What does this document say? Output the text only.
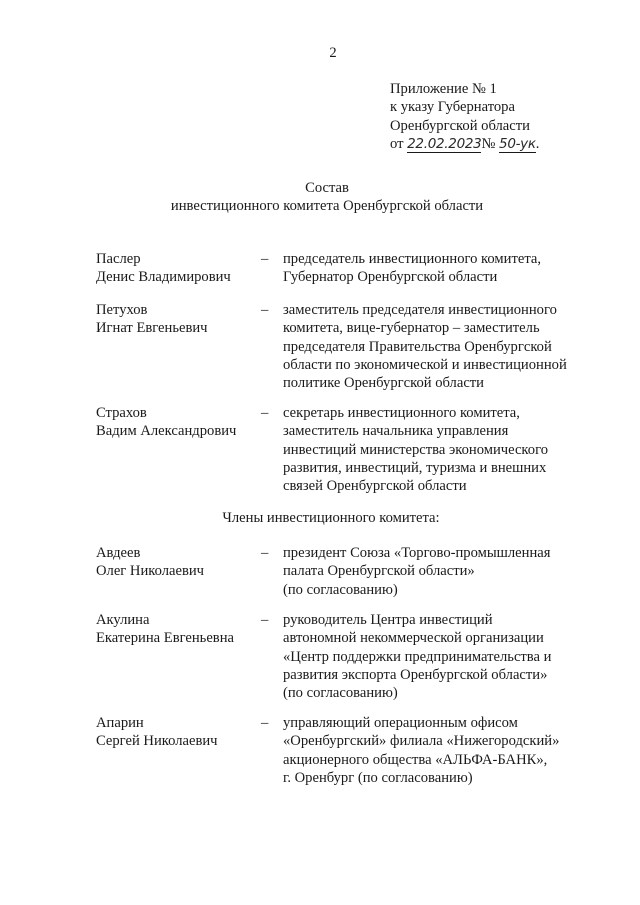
2
Приложение № 1
к указу Губернатора
Оренбургской области
от 22.02.2023№ 50-ук.
Состав
инвестиционного комитета Оренбургской области
Паслер
Денис Владимирович
– председатель инвестиционного комитета,
Губернатор Оренбургской области
Петухов
Игнат Евгеньевич
– заместитель председателя инвестиционного
комитета, вице-губернатор – заместитель
председателя Правительства Оренбургской
области по экономической и инвестиционной
политике Оренбургской области
Страхов
Вадим Александрович
– секретарь инвестиционного комитета,
заместитель начальника управления
инвестиций министерства экономического
развития, инвестиций, туризма и внешних
связей Оренбургской области
Члены инвестиционного комитета:
Авдеев
Олег Николаевич
– президент Союза «Торгово-промышленная
палата Оренбургской области»
(по согласованию)
Акулина
Екатерина Евгеньевна
– руководитель Центра инвестиций
автономной некоммерческой организации
«Центр поддержки предпринимательства и
развития экспорта Оренбургской области»
(по согласованию)
Апарин
Сергей Николаевич
– управляющий операционным офисом
«Оренбургский» филиала «Нижегородский»
акционерного общества «АЛЬФА-БАНК»,
г. Оренбург (по согласованию)
